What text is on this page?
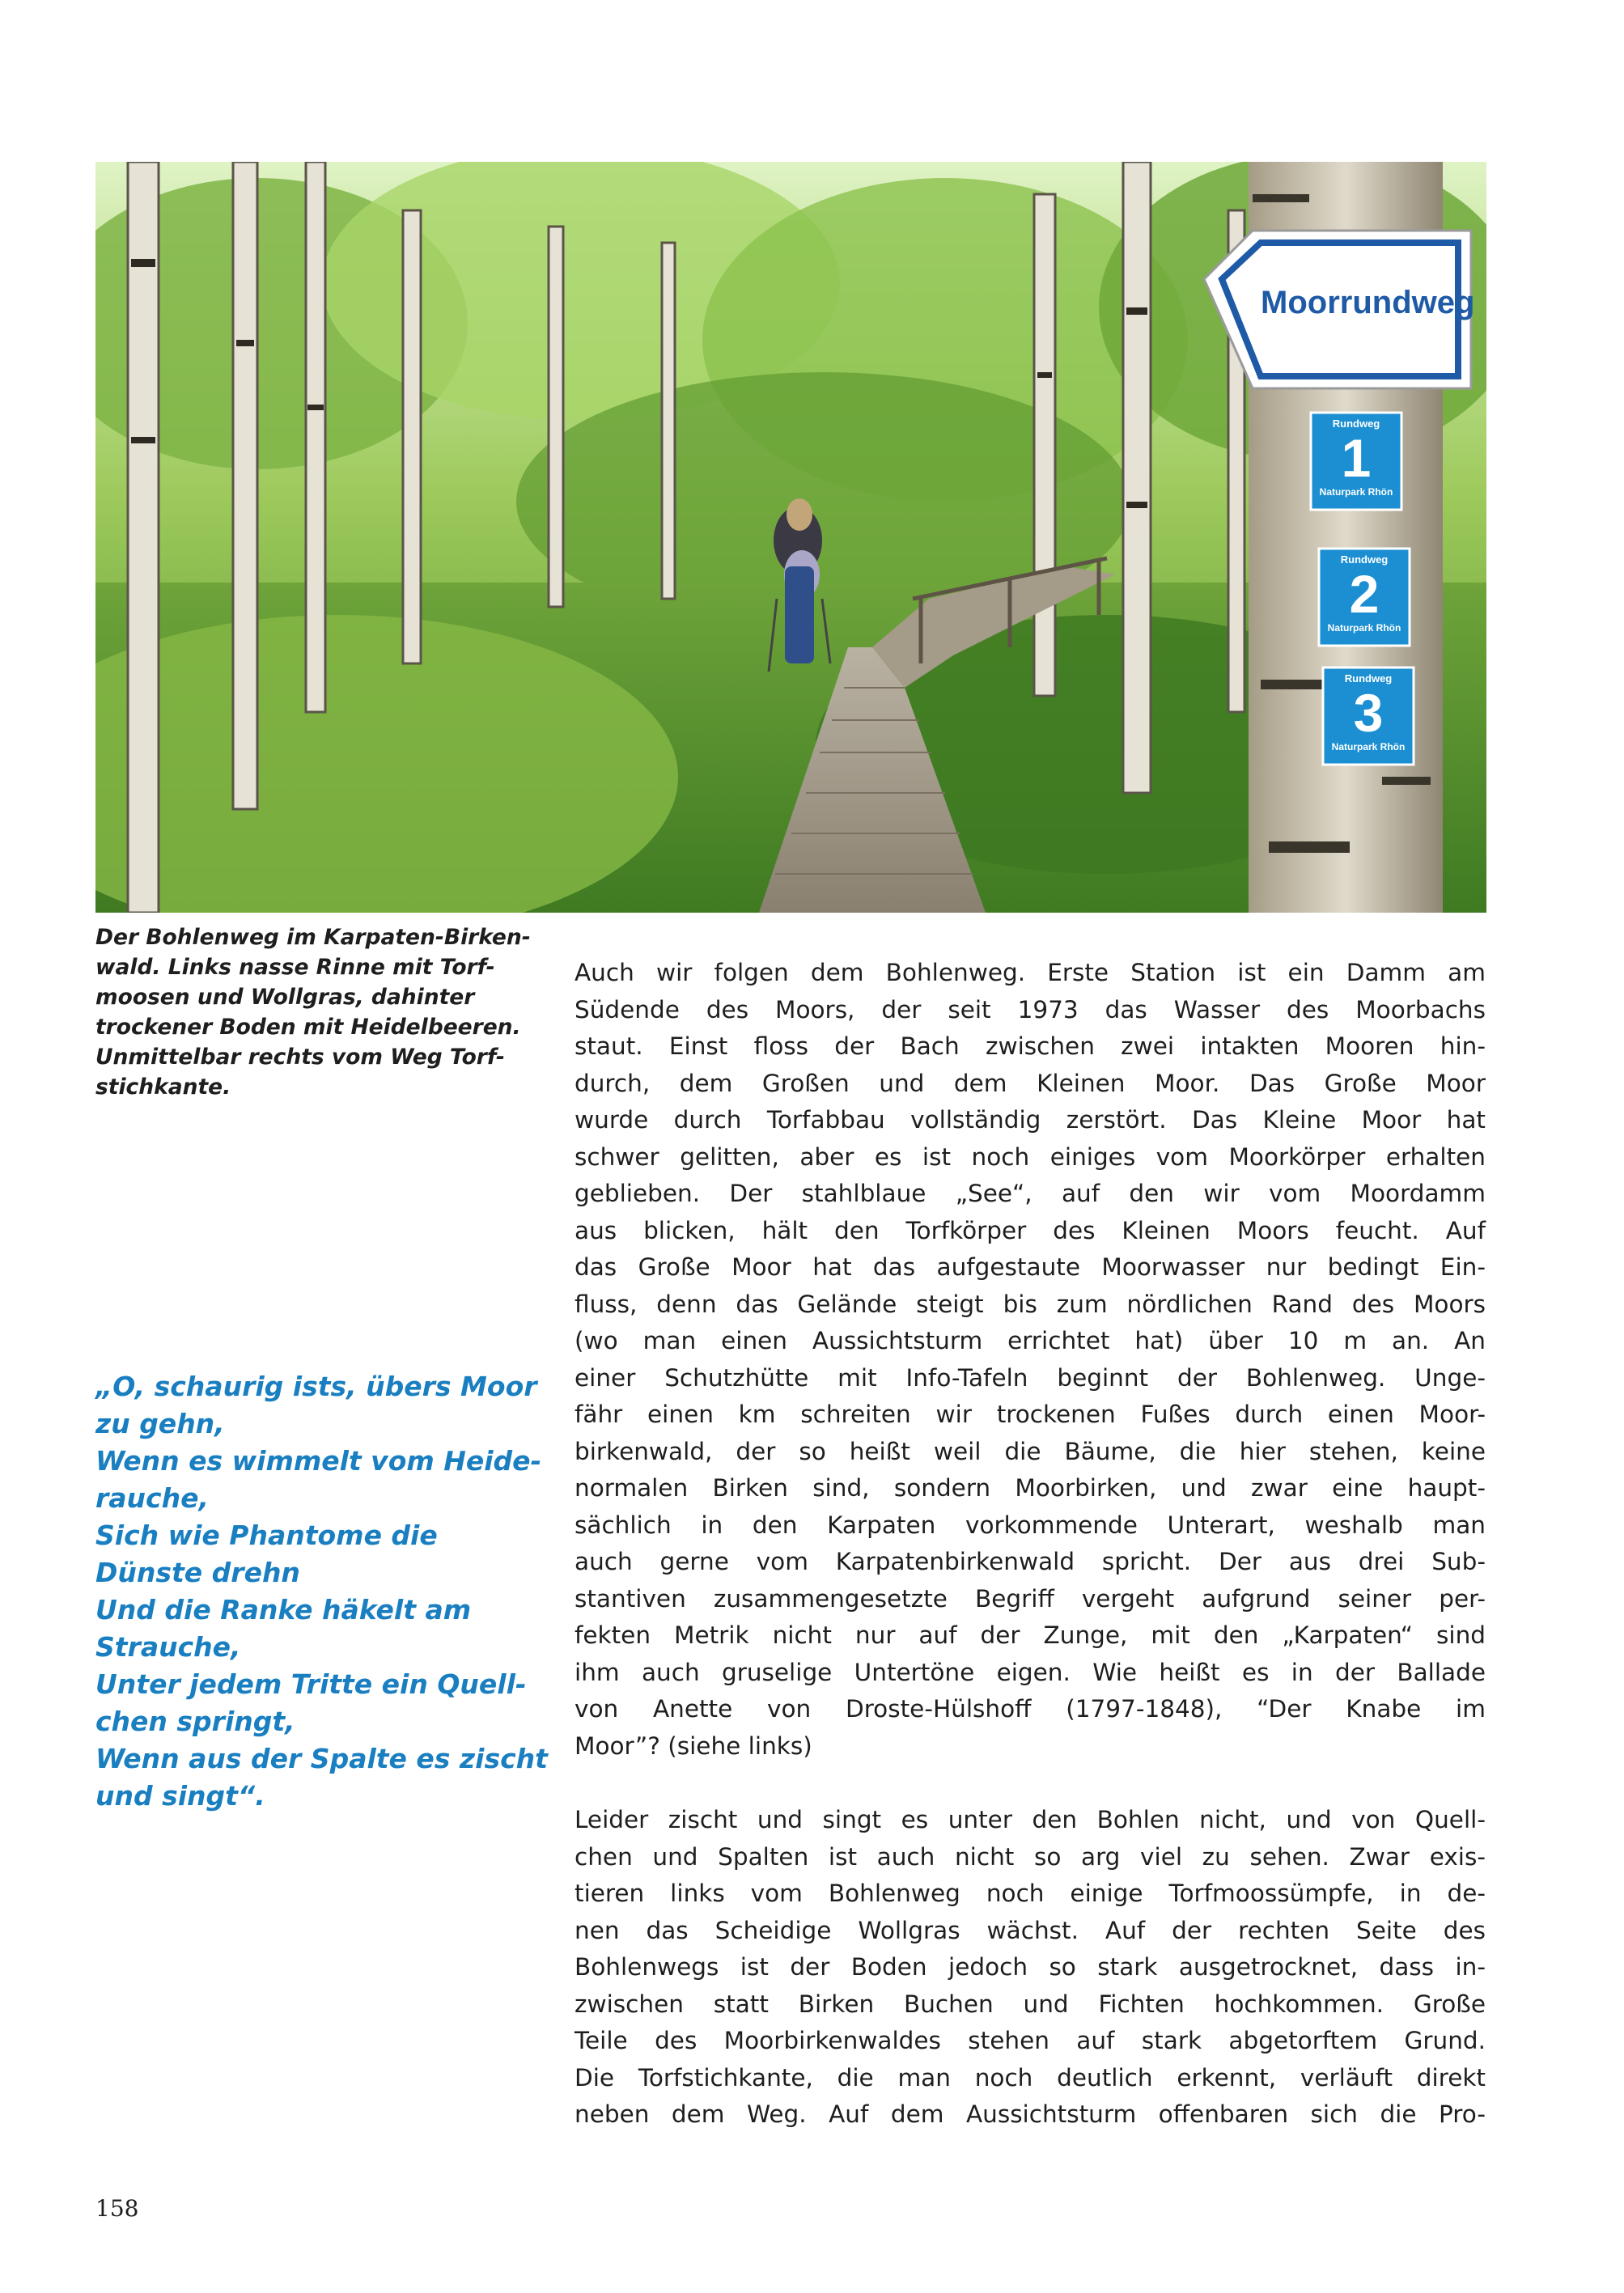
Moorrundweg
Rundweg
1
Naturpark Rhön
Rundweg
2
Naturpark Rhön
Rundweg
3
Naturpark Rhön
Der Bohlenweg im Karpaten-Birken-
wald. Links nasse Rinne mit Torf-
moosen und Wollgras, dahinter
trockener Boden mit Heidelbeeren.
Unmittelbar rechts vom Weg Torf-
stichkante.
„O, schaurig ists, übers Moor
zu gehn,
Wenn es wimmelt vom Heide-
rauche,
Sich wie Phantome die
Dünste drehn
Und die Ranke häkelt am
Strauche,
Unter jedem Tritte ein Quell-
chen springt,
Wenn aus der Spalte es zischt
und singt“.
Auch wir folgen dem Bohlenweg. Erste Station ist ein Damm am
Südende des Moors, der seit 1973 das Wasser des Moorbachs
staut. Einst floss der Bach zwischen zwei intakten Mooren hin-
durch, dem Großen und dem Kleinen Moor. Das Große Moor
wurde durch Torfabbau vollständig zerstört. Das Kleine Moor hat
schwer gelitten, aber es ist noch einiges vom Moorkörper erhalten
geblieben. Der stahlblaue „See“, auf den wir vom Moordamm
aus blicken, hält den Torfkörper des Kleinen Moors feucht. Auf
das Große Moor hat das aufgestaute Moorwasser nur bedingt Ein-
fluss, denn das Gelände steigt bis zum nördlichen Rand des Moors
(wo man einen Aussichtsturm errichtet hat) über 10 m an. An
einer Schutzhütte mit Info-Tafeln beginnt der Bohlenweg. Unge-
fähr einen km schreiten wir trockenen Fußes durch einen Moor-
birkenwald, der so heißt weil die Bäume, die hier stehen, keine
normalen Birken sind, sondern Moorbirken, und zwar eine haupt-
sächlich in den Karpaten vorkommende Unterart, weshalb man
auch gerne vom Karpatenbirkenwald spricht. Der aus drei Sub-
stantiven zusammengesetzte Begriff vergeht aufgrund seiner per-
fekten Metrik nicht nur auf der Zunge, mit den „Karpaten“ sind
ihm auch gruselige Untertöne eigen. Wie heißt es in der Ballade
von Anette von Droste-Hülshoff (1797-1848), “Der Knabe im
Moor”? (siehe links)
Leider zischt und singt es unter den Bohlen nicht, und von Quell-
chen und Spalten ist auch nicht so arg viel zu sehen. Zwar exis-
tieren links vom Bohlenweg noch einige Torfmoossümpfe, in de-
nen das Scheidige Wollgras wächst. Auf der rechten Seite des
Bohlenwegs ist der Boden jedoch so stark ausgetrocknet, dass in-
zwischen statt Birken Buchen und Fichten hochkommen. Große
Teile des Moorbirkenwaldes stehen auf stark abgetorftem Grund.
Die Torfstichkante, die man noch deutlich erkennt, verläuft direkt
neben dem Weg. Auf dem Aussichtsturm offenbaren sich die Pro-
158
